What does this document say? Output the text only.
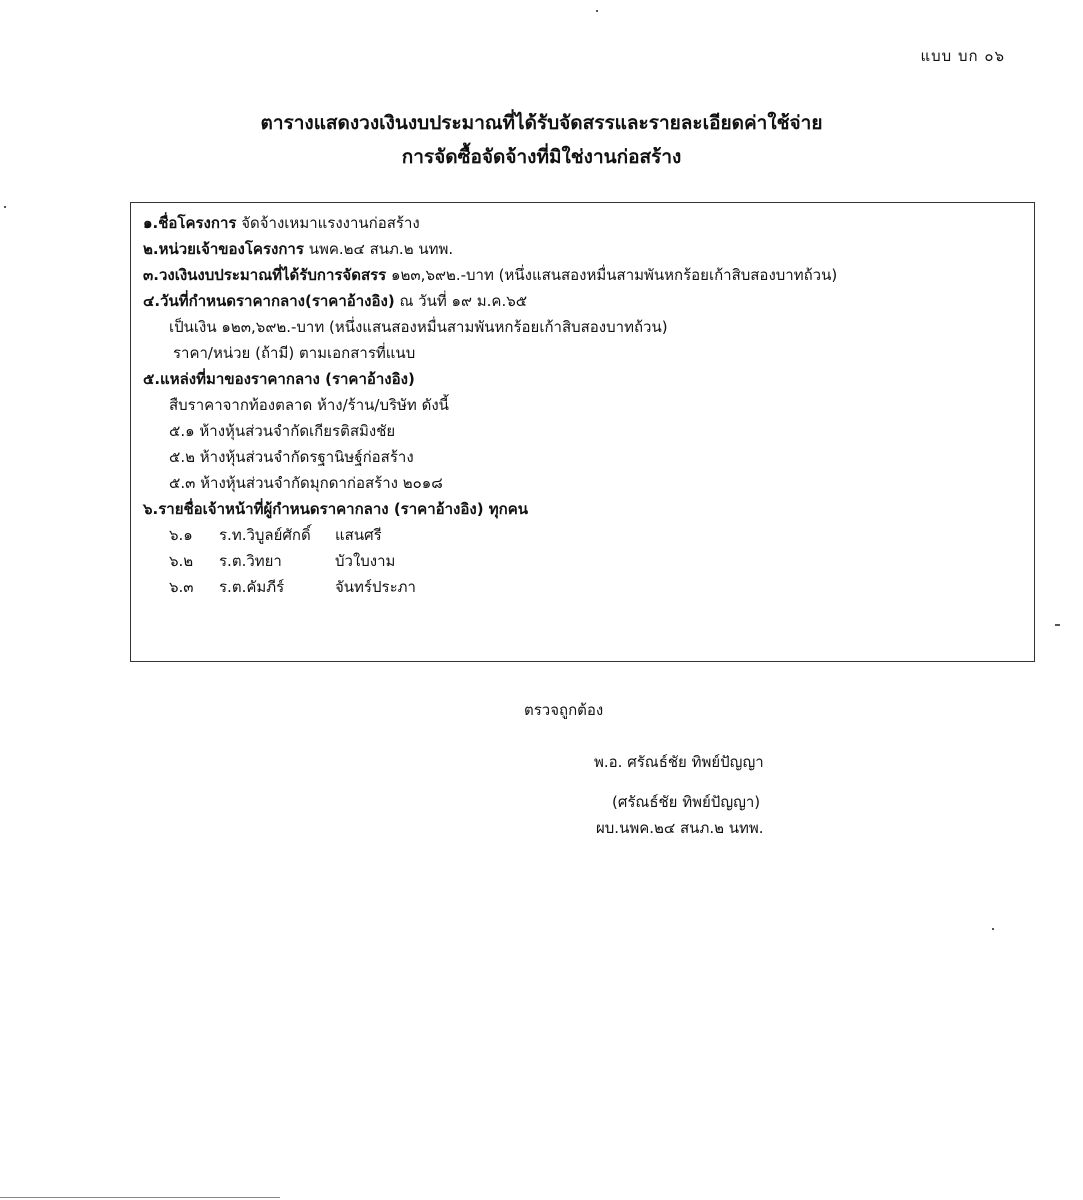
แบบ บก ๐๖
ตารางแสดงวงเงินงบประมาณที่ได้รับจัดสรรและรายละเอียดค่าใช้จ่าย
การจัดซื้อจัดจ้างที่มิใช่งานก่อสร้าง
๑.ชื่อโครงการ จัดจ้างเหมาแรงงานก่อสร้าง
๒.หน่วยเจ้าของโครงการ นพค.๒๔ สนภ.๒ นทพ.
๓.วงเงินงบประมาณที่ได้รับการจัดสรร ๑๒๓,๖๙๒.-บาท (หนึ่งแสนสองหมื่นสามพันหกร้อยเก้าสิบสองบาทถ้วน)
๔.วันที่กำหนดราคากลาง(ราคาอ้างอิง) ณ วันที่ ๑๙ ม.ค.๖๕
เป็นเงิน ๑๒๓,๖๙๒.-บาท (หนึ่งแสนสองหมื่นสามพันหกร้อยเก้าสิบสองบาทถ้วน)
ราคา/หน่วย (ถ้ามี) ตามเอกสารที่แนบ
๕.แหล่งที่มาของราคากลาง (ราคาอ้างอิง)
สืบราคาจากท้องตลาด ห้าง/ร้าน/บริษัท ดังนี้
๕.๑ ห้างหุ้นส่วนจำกัดเกียรติสมิงชัย
๕.๒ ห้างหุ้นส่วนจำกัดรฐานิษฐ์ก่อสร้าง
๕.๓ ห้างหุ้นส่วนจำกัดมุกดาก่อสร้าง ๒๐๑๘
๖.รายชื่อเจ้าหน้าที่ผู้กำหนดราคากลาง (ราคาอ้างอิง) ทุกคน
๖.๑ ร.ท.วิบูลย์ศักดิ์ แสนศรี
๖.๒ ร.ต.วิทยา	บัวใบงาม
๖.๓ ร.ต.คัมภีร์	จันทร์ประภา
ตรวจถูกต้อง
พ.อ. ศรัณธ์ชัย ทิพย์ปัญญา
(ศรัณธ์ชัย ทิพย์ปัญญา)
ผบ.นพค.๒๔ สนภ.๒ นทพ.
